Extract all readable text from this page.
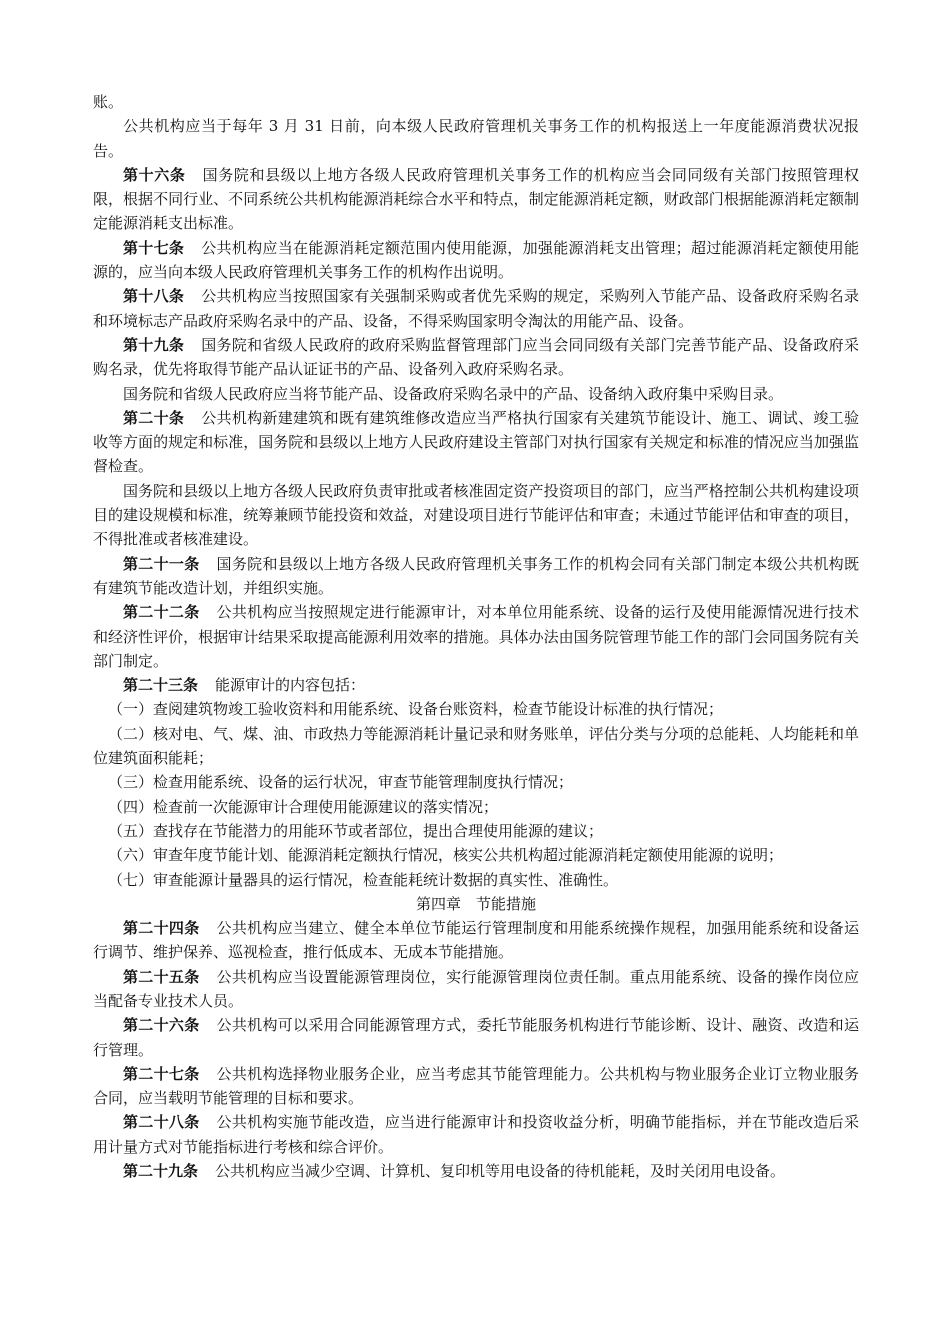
账。

公共机构应当于每年 3 月 31 日前，向本级人民政府管理机关事务工作的机构报送上一年度能源消费状况报告。

第十六条 国务院和县级以上地方各级人民政府管理机关事务工作的机构应当会同同级有关部门按照管理权限，根据不同行业、不同系统公共机构能源消耗综合水平和特点，制定能源消耗定额，财政部门根据能源消耗定额制定能源消耗支出标准。

第十七条 公共机构应当在能源消耗定额范围内使用能源，加强能源消耗支出管理；超过能源消耗定额使用能源的，应当向本级人民政府管理机关事务工作的机构作出说明。

第十八条 公共机构应当按照国家有关强制采购或者优先采购的规定，采购列入节能产品、设备政府采购名录和环境标志产品政府采购名录中的产品、设备，不得采购国家明令淘汰的用能产品、设备。

第十九条 国务院和省级人民政府的政府采购监督管理部门应当会同同级有关部门完善节能产品、设备政府采购名录，优先将取得节能产品认证证书的产品、设备列入政府采购名录。

国务院和省级人民政府应当将节能产品、设备政府采购名录中的产品、设备纳入政府集中采购目录。

第二十条 公共机构新建建筑和既有建筑维修改造应当严格执行国家有关建筑节能设计、施工、调试、竣工验收等方面的规定和标准，国务院和县级以上地方人民政府建设主管部门对执行国家有关规定和标准的情况应当加强监督检查。

国务院和县级以上地方各级人民政府负责审批或者核准固定资产投资项目的部门，应当严格控制公共机构建设项目的建设规模和标准，统筹兼顾节能投资和效益，对建设项目进行节能评估和审查；未通过节能评估和审查的项目，不得批准或者核准建设。

第二十一条 国务院和县级以上地方各级人民政府管理机关事务工作的机构会同有关部门制定本级公共机构既有建筑节能改造计划，并组织实施。

第二十二条 公共机构应当按照规定进行能源审计，对本单位用能系统、设备的运行及使用能源情况进行技术和经济性评价，根据审计结果采取提高能源利用效率的措施。具体办法由国务院管理节能工作的部门会同国务院有关部门制定。

第二十三条 能源审计的内容包括：

（一）查阅建筑物竣工验收资料和用能系统、设备台账资料，检查节能设计标准的执行情况；

（二）核对电、气、煤、油、市政热力等能源消耗计量记录和财务账单，评估分类与分项的总能耗、人均能耗和单位建筑面积能耗；

（三）检查用能系统、设备的运行状况，审查节能管理制度执行情况；

（四）检查前一次能源审计合理使用能源建议的落实情况；

（五）查找存在节能潜力的用能环节或者部位，提出合理使用能源的建议；

（六）审查年度节能计划、能源消耗定额执行情况，核实公共机构超过能源消耗定额使用能源的说明；

（七）审查能源计量器具的运行情况，检查能耗统计数据的真实性、准确性。

第四章　节能措施

第二十四条 公共机构应当建立、健全本单位节能运行管理制度和用能系统操作规程，加强用能系统和设备运行调节、维护保养、巡视检查，推行低成本、无成本节能措施。

第二十五条 公共机构应当设置能源管理岗位，实行能源管理岗位责任制。重点用能系统、设备的操作岗位应当配备专业技术人员。

第二十六条 公共机构可以采用合同能源管理方式，委托节能服务机构进行节能诊断、设计、融资、改造和运行管理。

第二十七条 公共机构选择物业服务企业，应当考虑其节能管理能力。公共机构与物业服务企业订立物业服务合同，应当载明节能管理的目标和要求。

第二十八条 公共机构实施节能改造，应当进行能源审计和投资收益分析，明确节能指标，并在节能改造后采用计量方式对节能指标进行考核和综合评价。

第二十九条 公共机构应当减少空调、计算机、复印机等用电设备的待机能耗，及时关闭用电设备。
